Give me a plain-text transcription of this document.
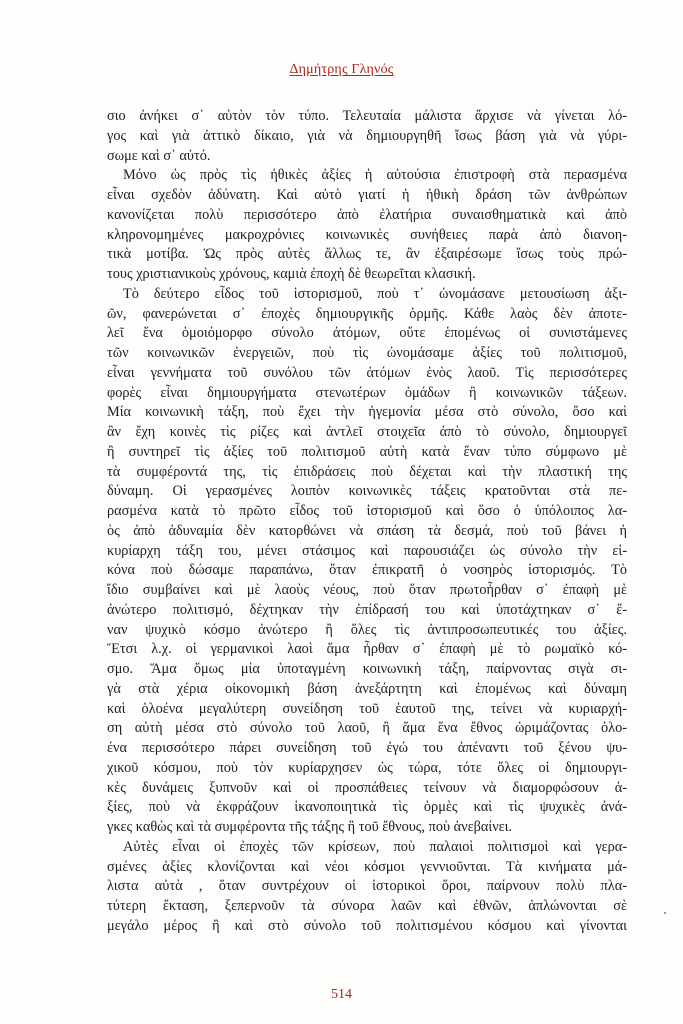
Δημήτρης Γληνός
σιο ἀνήκει σ᾽ αὐτὸν τὸν τύπο. Τελευταία μάλιστα ἄρχισε νὰ γίνεται λό-
γος καὶ γιὰ ἀττικὸ δίκαιο, γιὰ νὰ δημιουργηθῆ ἴσως βάση γιὰ νὰ γύρι-
σωμε καὶ σ᾽ αὐτό.
Μόνο ὡς πρὸς τὶς ἠθικὲς ἀξίες ἡ αὐτούσια ἐπιστροφὴ στὰ περασμένα
εἶναι σχεδὸν ἀδύνατη. Καὶ αὐτὸ γιατί ἡ ἠθικὴ δράση τῶν ἀνθρώπων
κανονίζεται πολὺ περισσότερο ἀπὸ ἐλατήρια συναισθηματικὰ καὶ ἀπὸ
κληρονομημένες μακροχρόνιες κοινωνικὲς συνήθειες παρὰ ἀπὸ διανοη-
τικὰ μοτίβα. Ὡς πρὸς αὐτὲς ἄλλως τε, ἂν ἐξαιρέσωμε ἴσως τοὺς πρώ-
τους χριστιανικοὺς χρόνους, καμιὰ ἐποχὴ δὲ θεωρεῖται κλασική.
Τὸ δεύτερο εἶδος τοῦ ἱστορισμοῦ, ποὺ τ᾽ ὠνομάσανε μετουσίωση ἀξι-
ῶν, φανερώνεται σ᾽ ἐποχὲς δημιουργικῆς ὁρμῆς. Κάθε λαὸς δὲν ἀποτε-
λεῖ ἕνα ὁμοιόμορφο σύνολο ἀτόμων, οὔτε ἑπομένως οἱ συνιστάμενες
τῶν κοινωνικῶν ἐνεργειῶν, ποὺ τὶς ὠνομάσαμε ἀξίες τοῦ πολιτισμοῦ,
εἶναι γεννήματα τοῦ συνόλου τῶν ἀτόμων ἑνὸς λαοῦ. Τὶς περισσότερες
φορὲς εἶναι δημιουργήματα στενωτέρων ὁμάδων ἢ κοινωνικῶν τάξεων.
Μία κοινωνικὴ τάξη, ποὺ ἔχει τὴν ἡγεμονία μέσα στὸ σύνολο, ὅσο καὶ
ἂν ἔχη κοινὲς τὶς ρίζες καὶ ἀντλεῖ στοιχεῖα ἀπὸ τὸ σύνολο, δημιουργεῖ
ἢ συντηρεῖ τὶς ἀξίες τοῦ πολιτισμοῦ αὐτὴ κατὰ ἕναν τύπο σύμφωνο μὲ
τὰ συμφέροντά της, τὶς ἐπιδράσεις ποὺ δέχεται καὶ τὴν πλαστική της
δύναμη. Οἱ γερασμένες λοιπὸν κοινωνικὲς τάξεις κρατοῦνται στὰ πε-
ρασμένα κατὰ τὸ πρῶτο εἶδος τοῦ ἱστορισμοῦ καὶ ὅσο ὁ ὑπόλοιπος λα-
ὸς ἀπὸ ἀδυναμία δὲν κατορθώνει νὰ σπάση τὰ δεσμά, ποὺ τοῦ βάνει ἡ
κυρίαρχη τάξη του, μένει στάσιμος καὶ παρουσιάζει ὡς σύνολο τὴν εἰ-
κόνα ποὺ δώσαμε παραπάνω, ὅταν ἐπικρατῆ ὁ νοσηρὸς ἱστορισμός. Τὸ
ἴδιο συμβαίνει καὶ μὲ λαοὺς νέους, ποὺ ὅταν πρωτοἦρθαν σ᾽ ἐπαφὴ μὲ
ἀνώτερο πολιτισμό, δέχτηκαν τὴν ἐπίδρασή του καὶ ὑποτάχτηκαν σ᾽ ἕ-
ναν ψυχικὸ κόσμο ἀνώτερο ἢ ὅλες τὶς ἀντιπροσωπευτικές του ἀξίες.
Ἔτσι λ.χ. οἱ γερμανικοὶ λαοὶ ἅμα ἦρθαν σ᾽ ἐπαφὴ μὲ τὸ ρωμαϊκὸ κό-
σμο. Ἅμα ὅμως μία ὑποταγμένη κοινωνικὴ τάξη, παίρνοντας σιγὰ σι-
γὰ στὰ χέρια οἰκονομικὴ βάση ἀνεξάρτητη καὶ ἑπομένως καὶ δύναμη
καὶ ὁλοένα μεγαλύτερη συνείδηση τοῦ ἑαυτοῦ της, τείνει νὰ κυριαρχή-
ση αὐτὴ μέσα στὸ σύνολο τοῦ λαοῦ, ἢ ἅμα ἕνα ἔθνος ὡριμάζοντας ὁλο-
ένα περισσότερο πάρει συνείδηση τοῦ ἐγώ του ἀπέναντι τοῦ ξένου ψυ-
χικοῦ κόσμου, ποὺ τὸν κυρίαρχησεν ὡς τώρα, τότε ὅλες οἱ δημιουργι-
κὲς δυνάμεις ξυπνοῦν καὶ οἱ προσπάθειες τείνουν νὰ διαμορφώσουν ἀ-
ξίες, ποὺ νὰ ἐκφράζουν ἱκανοποιητικὰ τὶς ὁρμὲς καὶ τὶς ψυχικὲς ἀνά-
γκες καθὼς καὶ τὰ συμφέροντα τῆς τάξης ἢ τοῦ ἔθνους, ποὺ ἀνεβαίνει.
Αὐτὲς εἶναι οἱ ἐποχὲς τῶν κρίσεων, ποὺ παλαιοὶ πολιτισμοὶ καὶ γερα-
σμένες ἀξίες κλονίζονται καὶ νέοι κόσμοι γεννιοῦνται. Τὰ κινήματα μά-
λιστα αὐτὰ , ὅταν συντρέχουν οἱ ἱστορικοὶ ὅροι, παίρνουν πολὺ πλα-
τύτερη ἔκταση, ξεπερνοῦν τὰ σύνορα λαῶν καὶ ἐθνῶν, ἁπλώνονται σὲ
μεγάλο μέρος ἢ καὶ στὸ σύνολο τοῦ πολιτισμένου κόσμου καὶ γίνονται
514
